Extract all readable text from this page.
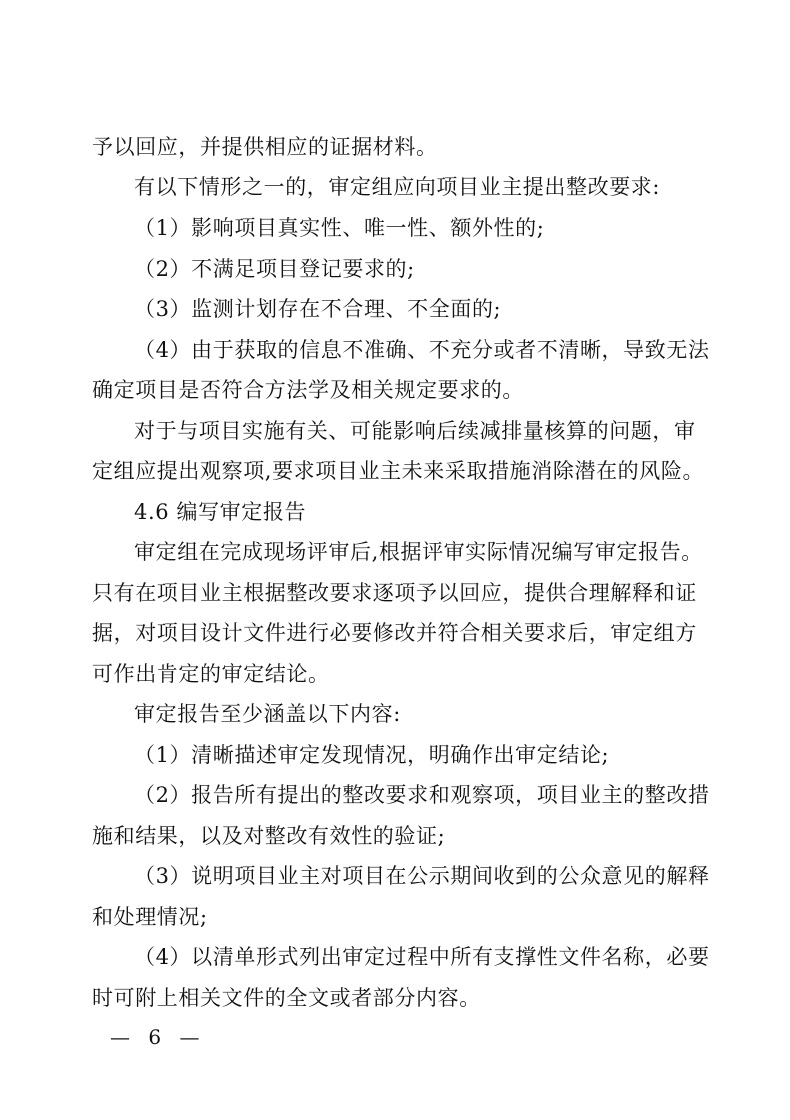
予以回应，并提供相应的证据材料。
有以下情形之一的，审定组应向项目业主提出整改要求:
（1）影响项目真实性、唯一性、额外性的;
（2）不满足项目登记要求的;
（3）监测计划存在不合理、不全面的;
（4）由于获取的信息不准确、不充分或者不清晰，导致无法
确定项目是否符合方法学及相关规定要求的。
对于与项目实施有关、可能影响后续减排量核算的问题，审
定组应提出观察项,要求项目业主未来采取措施消除潜在的风险。
4.6 编写审定报告
审定组在完成现场评审后,根据评审实际情况编写审定报告。
只有在项目业主根据整改要求逐项予以回应，提供合理解释和证
据，对项目设计文件进行必要修改并符合相关要求后，审定组方
可作出肯定的审定结论。
审定报告至少涵盖以下内容:
（1）清晰描述审定发现情况，明确作出审定结论;
（2）报告所有提出的整改要求和观察项，项目业主的整改措
施和结果，以及对整改有效性的验证;
（3）说明项目业主对项目在公示期间收到的公众意见的解释
和处理情况;
（4）以清单形式列出审定过程中所有支撑性文件名称，必要
时可附上相关文件的全文或者部分内容。
— 6 —
